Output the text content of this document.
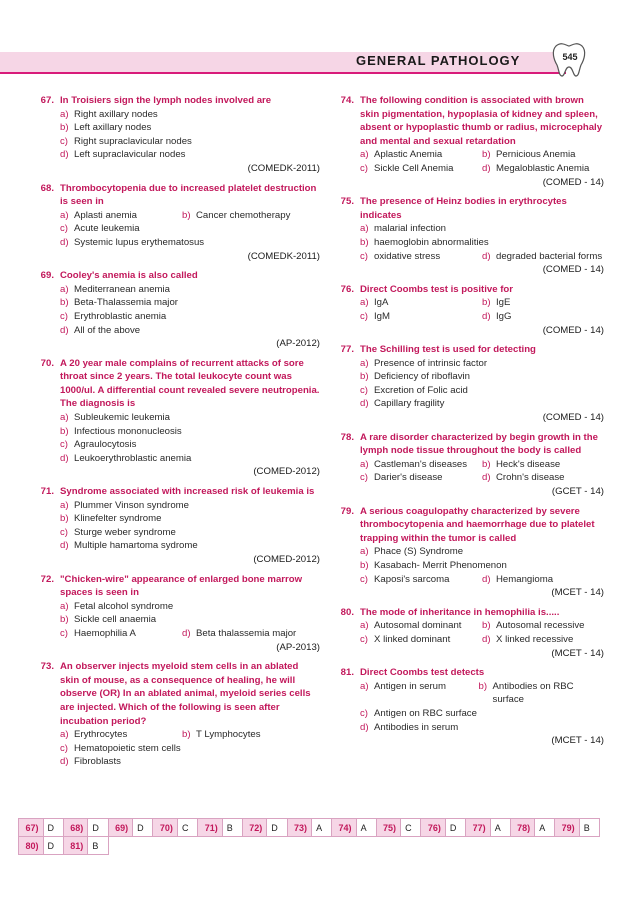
GENERAL PATHOLOGY	545
67. In Troisiers sign the lymph nodes involved are
a) Right axillary nodes
b) Left axillary nodes
c) Right supraclavicular nodes
d) Left supraclavicular nodes
(COMEDK-2011)
68. Thrombocytopenia due to increased platelet destruction is seen in
a) Aplasti anemia	b) Cancer chemotherapy
c) Acute leukemia
d) Systemic lupus erythematosus
(COMEDK-2011)
69. Cooley's anemia is also called
a) Mediterranean anemia
b) Beta-Thalassemia major
c) Erythroblastic anemia
d) All of the above
(AP-2012)
70. A 20 year male complains of recurrent attacks of sore throat since 2 years. The total leukocyte count was 1000/ul. A differential count revealed severe neutropenia. The diagnosis is
a) Subleukemic leukemia
b) Infectious mononucleosis
c) Agraulocytosis
d) Leukoerythroblastic anemia
(COMED-2012)
71. Syndrome associated with increased risk of leukemia is
a) Plummer Vinson syndrome
b) Klinefelter syndrome
c) Sturge weber syndrome
d) Multiple hamartoma sydrome
(COMED-2012)
72. "Chicken-wire" appearance of enlarged bone marrow spaces is seen in
a) Fetal alcohol syndrome
b) Sickle cell anaemia
c) Haemophilia A	d) Beta thalassemia major
(AP-2013)
73. An observer injects myeloid stem cells in an ablated skin of mouse, as a consequence of healing, he will observe (OR) In an ablated animal, myeloid series cells are injected. Which of the following is seen after incubation period?
a) Erythrocytes	b) T Lymphocytes
c) Hematopoietic stem cells
d) Fibroblasts
74. The following condition is associated with brown skin pigmentation, hypoplasia of kidney and spleen, absent or hypoplastic thumb or radius, microcephaly and mental and sexual retardation
a) Aplastic Anemia	b) Pernicious Anemia
c) Sickle Cell Anemia	d) Megaloblastic Anemia
(COMED - 14)
75. The presence of Heinz bodies in erythrocytes indicates
a) malarial infection
b) haemoglobin abnormalities
c) oxidative stress	d) degraded bacterial forms
(COMED - 14)
76. Direct Coombs test is positive for
a) IgA	b) IgE
c) IgM	d) IgG
(COMED - 14)
77. The Schilling test is used for detecting
a) Presence of intrinsic factor
b) Deficiency of riboflavin
c) Excretion of Folic acid
d) Capillary fragility
(COMED - 14)
78. A rare disorder characterized by begin growth in the lymph node tissue throughout the body is called
a) Castleman's diseases b) Heck's disease
c) Darier's disease	d) Crohn's disease
(GCET - 14)
79. A serious coagulopathy characterized by severe thrombocytopenia and haemorrhage due to platelet trapping within the tumor is called
a) Phace (S) Syndrome
b) Kasabach- Merrit Phenomenon
c) Kaposi's sarcoma	d) Hemangioma
(MCET - 14)
80. The mode of inheritance in hemophilia is.....
a) Autosomal dominant b) Autosomal recessive
c) X linked dominant	d) X linked recessive
(MCET - 14)
81. Direct Coombs test detects
a) Antigen in serum	b) Antibodies on RBC surface
c) Antigen on RBC surface
d) Antibodies in serum
(MCET - 14)
67)	D	68)	D	69)	D	70)	C	71)	B	72)	D	73)	A	74)	A	75)	C	76)	D	77)	A	78)	A	79)	B
80)	D	81)	B																						
